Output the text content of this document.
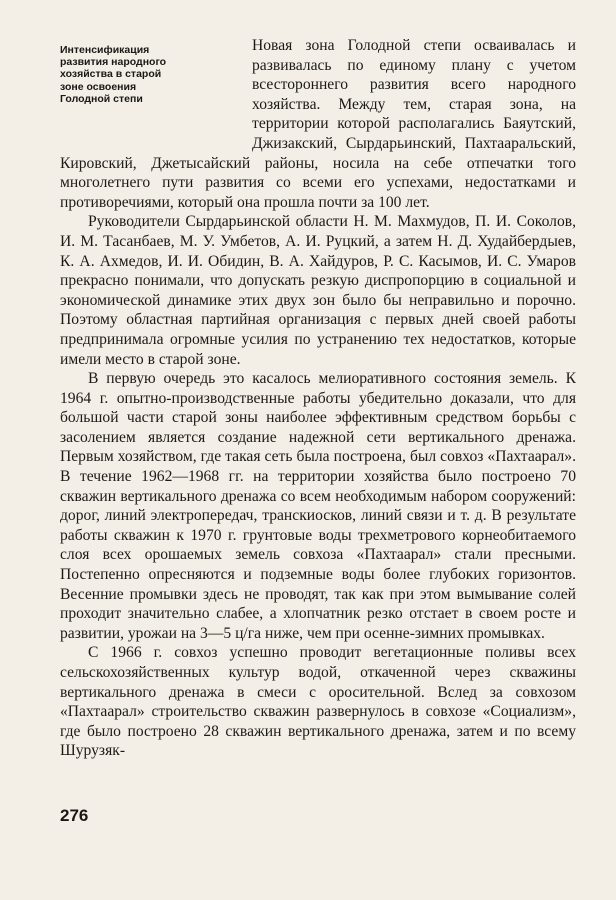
Интенсификация
развития народного
хозяйства в старой
зоне освоения
Голодной степи

Новая зона Голодной степи осваивалась и развивалась по единому плану с учетом всестороннего развития всего народного хозяйства. Между тем, старая зона, на территории которой располагались Баяутский, Джизакский, Сырдарьинский, Пахтааральский, Кировский, Джетысайский районы, носила на себе отпечатки того многолетнего пути развития со всеми его успехами, недостатками и противоречиями, который она прошла почти за 100 лет.

Руководители Сырдарьинской области Н. М. Махмудов, П. И. Соколов, И. М. Тасанбаев, М. У. Умбетов, А. И. Руцкий, а затем Н. Д. Худайбердыев, К. А. Ахмедов, И. И. Обидин, В. А. Хайдуров, Р. С. Касымов, И. С. Умаров прекрасно понимали, что допускать резкую диспропорцию в социальной и экономической динамике этих двух зон было бы неправильно и порочно. Поэтому областная партийная организация с первых дней своей работы предпринимала огромные усилия по устранению тех недостатков, которые имели место в старой зоне.

В первую очередь это касалось мелиоративного состояния земель. К 1964 г. опытно-производственные работы убедительно доказали, что для большой части старой зоны наиболее эффективным средством борьбы с засолением является создание надежной сети вертикального дренажа. Первым хозяйством, где такая сеть была построена, был совхоз «Пахтаарал». В течение 1962—1968 гг. на территории хозяйства было построено 70 скважин вертикального дренажа со всем необходимым набором сооружений: дорог, линий электропередач, транскиосков, линий связи и т. д. В результате работы скважин к 1970 г. грунтовые воды трехметрового корнеобитаемого слоя всех орошаемых земель совхоза «Пахтаарал» стали пресными. Постепенно опресняются и подземные воды более глубоких горизонтов. Весенние промывки здесь не проводят, так как при этом вымывание солей проходит значительно слабее, а хлопчатник резко отстает в своем росте и развитии, урожаи на 3—5 ц/га ниже, чем при осенне-зимних промывках.

С 1966 г. совхоз успешно проводит вегетационные поливы всех сельскохозяйственных культур водой, откаченной через скважины вертикального дренажа в смеси с оросительной. Вслед за совхозом «Пахтаарал» строительство скважин развернулось в совхозе «Социализм», где было построено 28 скважин вертикального дренажа, затем и по всему Шурузяк-

276
